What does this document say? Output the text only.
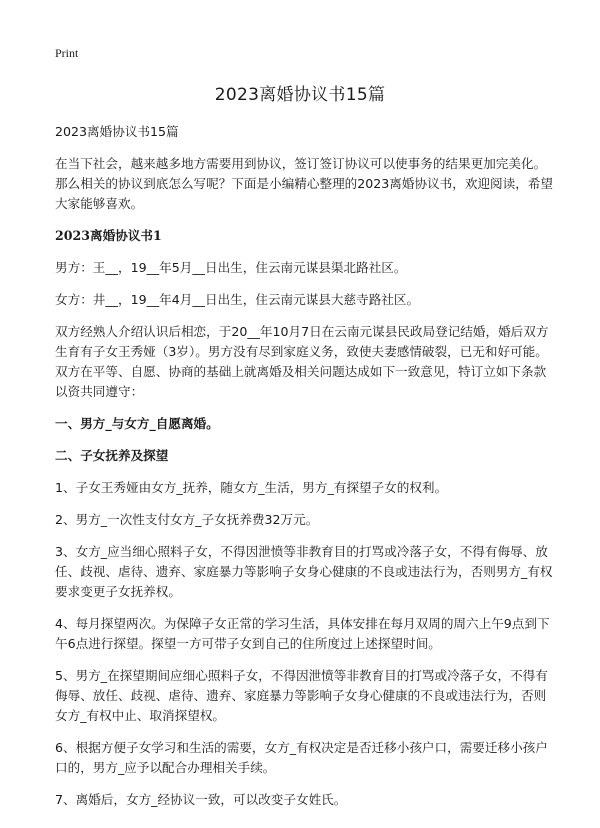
Print
2023离婚协议书15篇

2023离婚协议书15篇

在当下社会，越来越多地方需要用到协议，签订签订协议可以使事务的结果更加完美化。那么相关的协议到底怎么写呢？下面是小编精心整理的2023离婚协议书，欢迎阅读，希望大家能够喜欢。

2023离婚协议书1

男方：王__，19__年5月__日出生，住云南元谋县渠北路社区。

女方：井__，19__年4月__日出生，住云南元谋县大慈寺路社区。

双方经熟人介绍认识后相恋，于20__年10月7日在云南元谋县民政局登记结婚，婚后双方生育有子女王秀娅（3岁）。男方没有尽到家庭义务，致使夫妻感情破裂，已无和好可能。双方在平等、自愿、协商的基础上就离婚及相关问题达成如下一致意见，特订立如下条款以资共同遵守：

一、男方_与女方_自愿离婚。

二、子女抚养及探望

1、子女王秀娅由女方_抚养，随女方_生活，男方_有探望子女的权利。

2、男方_一次性支付女方_子女抚养费32万元。

3、女方_应当细心照料子女，不得因泄愤等非教育目的打骂或冷落子女，不得有侮辱、放任、歧视、虐待、遗弃、家庭暴力等影响子女身心健康的不良或违法行为，否则男方_有权要求变更子女抚养权。

4、每月探望两次。为保障子女正常的学习生活，具体安排在每月双周的周六上午9点到下午6点进行探望。探望一方可带子女到自己的住所度过上述探望时间。

5、男方_在探望期间应细心照料子女，不得因泄愤等非教育目的打骂或冷落子女，不得有侮辱、放任、歧视、虐待、遗弃、家庭暴力等影响子女身心健康的不良或违法行为，否则女方_有权中止、取消探望权。

6、根据方便子女学习和生活的需要，女方_有权决定是否迁移小孩户口，需要迁移小孩户口的，男方_应予以配合办理相关手续。

7、离婚后，女方_经协议一致，可以改变子女姓氏。
